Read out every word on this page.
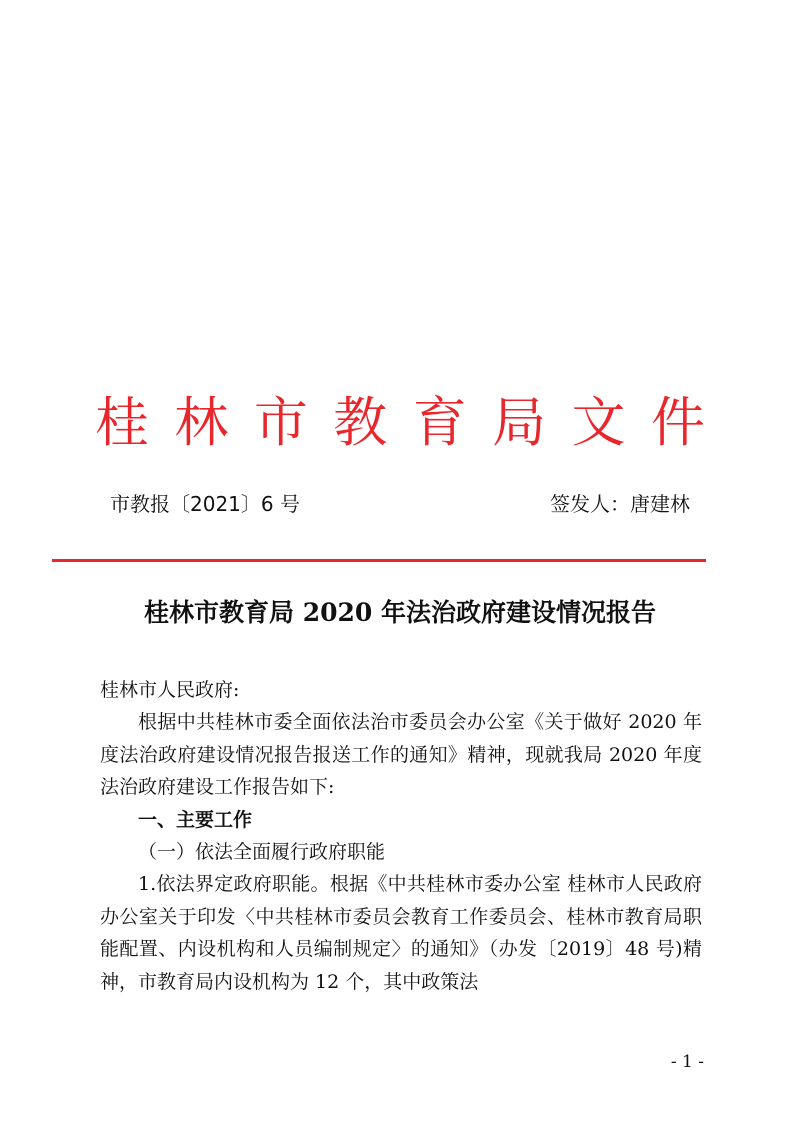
桂 林 市 教 育 局 文 件
市教报〔2021〕6 号	签发人：唐建林
桂林市教育局 2020 年法治政府建设情况报告

桂林市人民政府:

根据中共桂林市委全面依法治市委员会办公室《关于做好 2020 年度法治政府建设情况报告报送工作的通知》精神，现就我局 2020 年度法治政府建设工作报告如下:

一、主要工作

（一）依法全面履行政府职能

1.依法界定政府职能。根据《中共桂林市委办公室 桂林市人民政府办公室关于印发〈中共桂林市委员会教育工作委员会、桂林市教育局职能配置、内设机构和人员编制规定〉的通知》（办发〔2019〕48 号)精神，市教育局内设机构为 12 个，其中政策法

- 1 -
